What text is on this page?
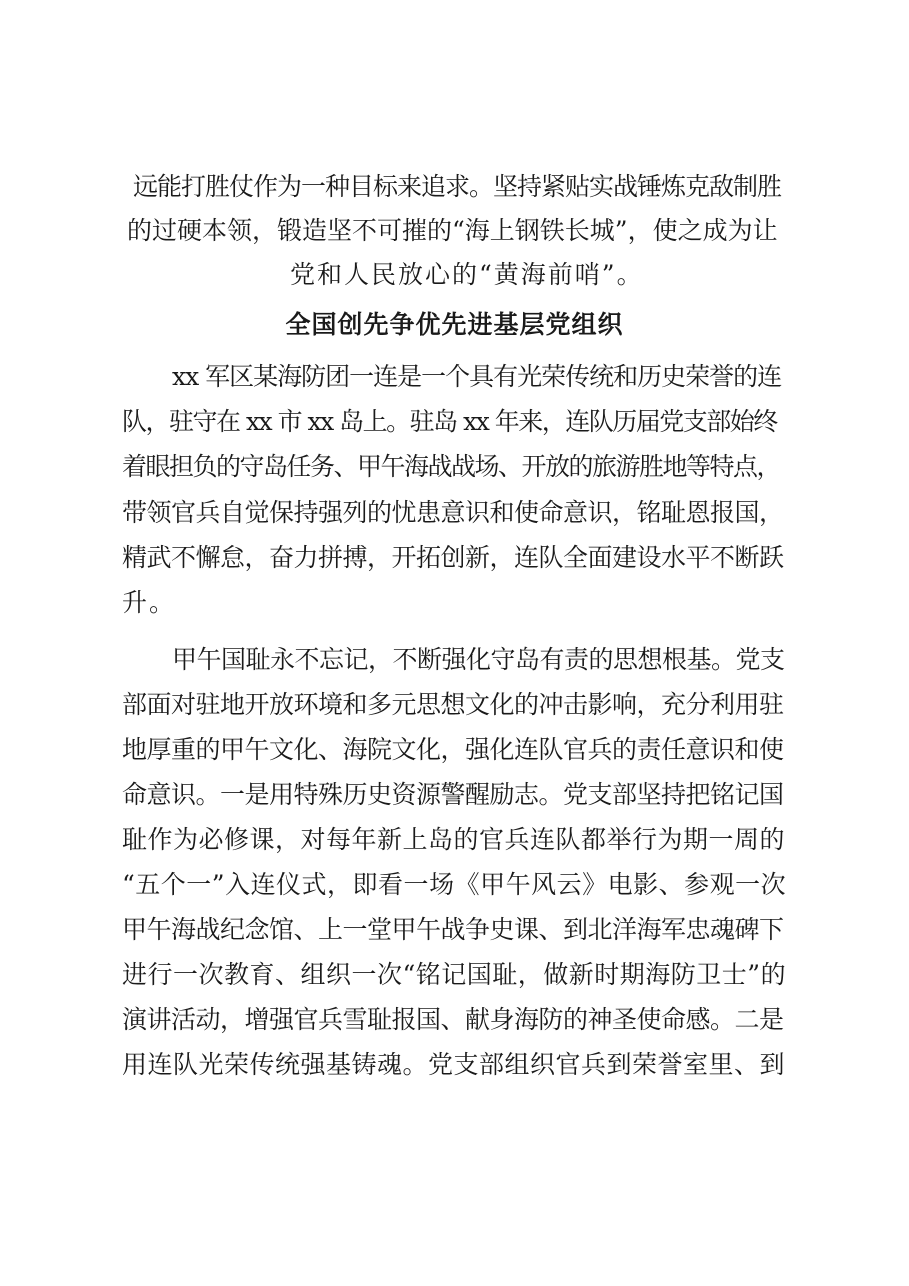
远能打胜仗作为一种目标来追求。坚持紧贴实战锤炼克敌制胜
的过硬本领，锻造坚不可摧的“海上钢铁长城”，使之成为让
党和人民放心的“黄海前哨”。
全国创先争优先进基层党组织
xx 军区某海防团一连是一个具有光荣传统和历史荣誉的连
队，驻守在 xx 市 xx 岛上。驻岛 xx 年来，连队历届党支部始终
着眼担负的守岛任务、甲午海战战场、开放的旅游胜地等特点，
带领官兵自觉保持强列的忧患意识和使命意识，铭耻恩报国，
精武不懈怠，奋力拼搏，开拓创新，连队全面建设水平不断跃
升。
甲午国耻永不忘记，不断强化守岛有责的思想根基。党支
部面对驻地开放环境和多元思想文化的冲击影响，充分利用驻
地厚重的甲午文化、海院文化，强化连队官兵的责任意识和使
命意识。一是用特殊历史资源警醒励志。党支部坚持把铭记国
耻作为必修课，对每年新上岛的官兵连队都举行为期一周的
“五个一”入连仪式，即看一场《甲午风云》电影、参观一次
甲午海战纪念馆、上一堂甲午战争史课、到北洋海军忠魂碑下
进行一次教育、组织一次“铭记国耻，做新时期海防卫士”的
演讲活动，增强官兵雪耻报国、献身海防的神圣使命感。二是
用连队光荣传统强基铸魂。党支部组织官兵到荣誉室里、到
